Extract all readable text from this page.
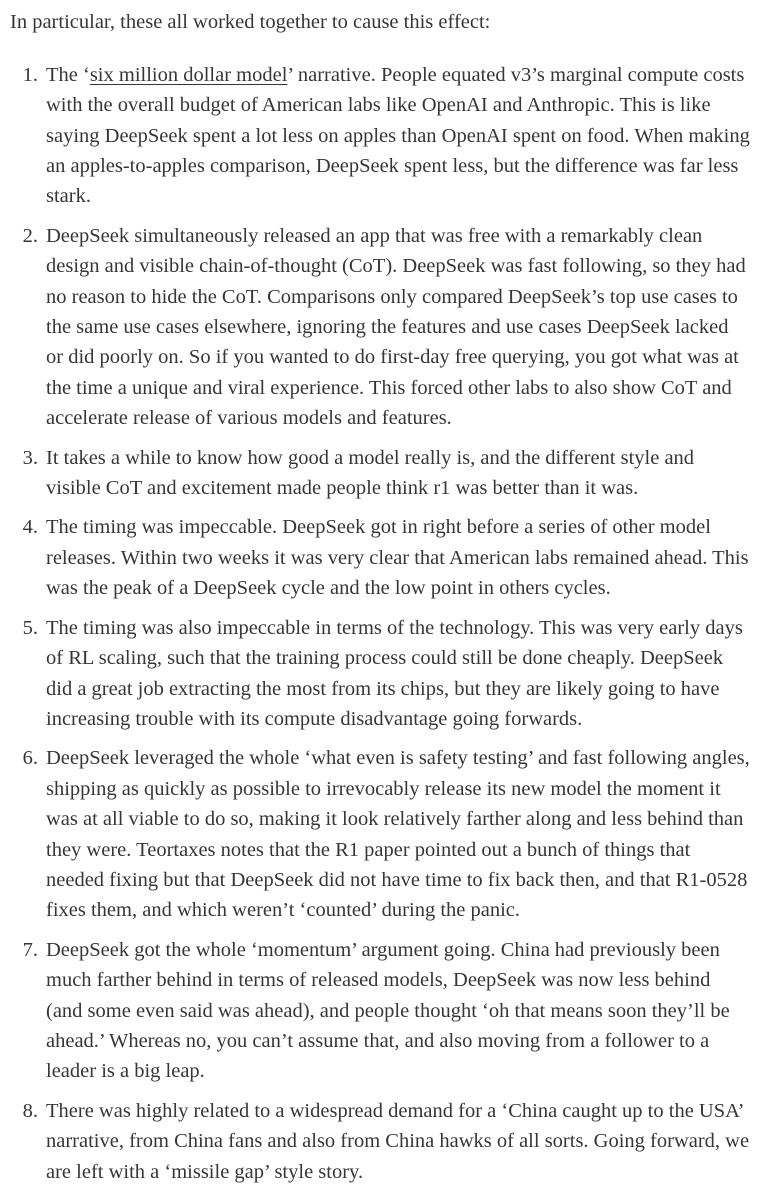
In particular, these all worked together to cause this effect:

1. The ‘six million dollar model’ narrative. People equated v3’s marginal compute costs with the overall budget of American labs like OpenAI and Anthropic. This is like saying DeepSeek spent a lot less on apples than OpenAI spent on food. When making an apples-to-apples comparison, DeepSeek spent less, but the difference was far less stark.
2. DeepSeek simultaneously released an app that was free with a remarkably clean design and visible chain-of-thought (CoT). DeepSeek was fast following, so they had no reason to hide the CoT. Comparisons only compared DeepSeek’s top use cases to the same use cases elsewhere, ignoring the features and use cases DeepSeek lacked or did poorly on. So if you wanted to do first-day free querying, you got what was at the time a unique and viral experience. This forced other labs to also show CoT and accelerate release of various models and features.
3. It takes a while to know how good a model really is, and the different style and visible CoT and excitement made people think r1 was better than it was.
4. The timing was impeccable. DeepSeek got in right before a series of other model releases. Within two weeks it was very clear that American labs remained ahead. This was the peak of a DeepSeek cycle and the low point in others cycles.
5. The timing was also impeccable in terms of the technology. This was very early days of RL scaling, such that the training process could still be done cheaply. DeepSeek did a great job extracting the most from its chips, but they are likely going to have increasing trouble with its compute disadvantage going forwards.
6. DeepSeek leveraged the whole ‘what even is safety testing’ and fast following angles, shipping as quickly as possible to irrevocably release its new model the moment it was at all viable to do so, making it look relatively farther along and less behind than they were. Teortaxes notes that the R1 paper pointed out a bunch of things that needed fixing but that DeepSeek did not have time to fix back then, and that R1-0528 fixes them, and which weren’t ‘counted’ during the panic.
7. DeepSeek got the whole ‘momentum’ argument going. China had previously been much farther behind in terms of released models, DeepSeek was now less behind (and some even said was ahead), and people thought ‘oh that means soon they’ll be ahead.’ Whereas no, you can’t assume that, and also moving from a follower to a leader is a big leap.
8. There was highly related to a widespread demand for a ‘China caught up to the USA’ narrative, from China fans and also from China hawks of all sorts. Going forward, we are left with a ‘missile gap’ style story.
